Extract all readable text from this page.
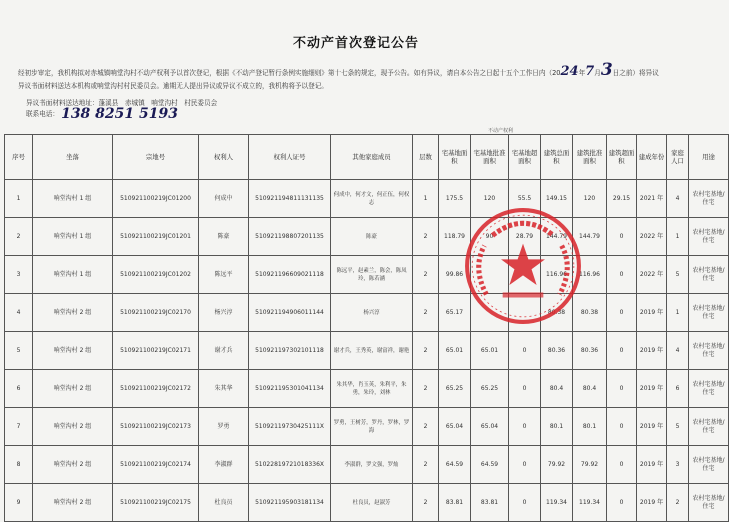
不动产首次登记公告
经初步审定，我机构拟对赤城镇响堂沟村不动产权利予以首次登记，根据《不动产登记暂行条例实施细则》第十七条的规定，现予公告。如有异议，请自本公告之日起十五个工作日内（2024年7月3日之前）将异议
异议书面材料送达本机构或响堂沟村村民委员会。逾期无人提出异议或异议不成立的，我机构将予以登记。
异议书面材料送达地址：蓬溪县　赤城镇　响堂沟村　村民委员会
联系电话： 138 8251 5193
不动产权利
序号	坐落	宗地号	权利人	权利人证号	其他家庭成员	层数	宅基地面积	宅基地批准面积	宅基地超面积	建筑总面积	建筑批准面积	建筑超面积	建成年份	家庭人口	用途
1	响堂沟村 1 组	510921100219JC01200	何成中	510921194811131135	何成中，何才文，何正伍，何权志	1	175.5	120	55.5	149.15	120	29.15	2021 年	4	农村宅基地/住宅
2	响堂沟村 1 组	510921100219JC01201	陈豪	510921198807201135	陈豪	2	118.79	90	28.79	144.79	144.79	0	2022 年	1	农村宅基地/住宅
3	响堂沟村 1 组	510921100219JC01202	陈远平	510921196609021118	陈远平，赵素兰，陈会，陈凤玲，陈若涵	2	99.86			116.96	116.96	0	2022 年	5	农村宅基地/住宅
4	响堂沟村 2 组	510921100219JC02170	杨兴淳	510921194906011144	杨兴淳	2	65.17			80.38	80.38	0	2019 年	1	农村宅基地/住宅
5	响堂沟村 2 组	510921100219JC02171	谢才兵	510921197302101118	谢才兵，王秀英，谢富祥，谢艳	2	65.01	65.01	0	80.36	80.36	0	2019 年	4	农村宅基地/住宅
6	响堂沟村 2 组	510921100219JC02172	朱其华	510921195301041134	朱其华，肖玉英，朱利平，朱勇，朱玲，刘林	2	65.25	65.25	0	80.4	80.4	0	2019 年	6	农村宅基地/住宅
7	响堂沟村 2 组	510921100219JC02173	罗勇	51092119730425111X	罗勇，王树芳，罗丹，罗林，罗海	2	65.04	65.04	0	80.1	80.1	0	2019 年	5	农村宅基地/住宅
8	响堂沟村 2 组	510921100219JC02174	李淑群	51022819721018336X	李淑群，罗文强，罗灿	2	64.59	64.59	0	79.92	79.92	0	2019 年	3	农村宅基地/住宅
9	响堂沟村 2 组	510921100219JC02175	杜良员	510921195903181134	杜良员，赵淑芳	2	83.81	83.81	0	119.34	119.34	0	2019 年	2	农村宅基地/住宅
